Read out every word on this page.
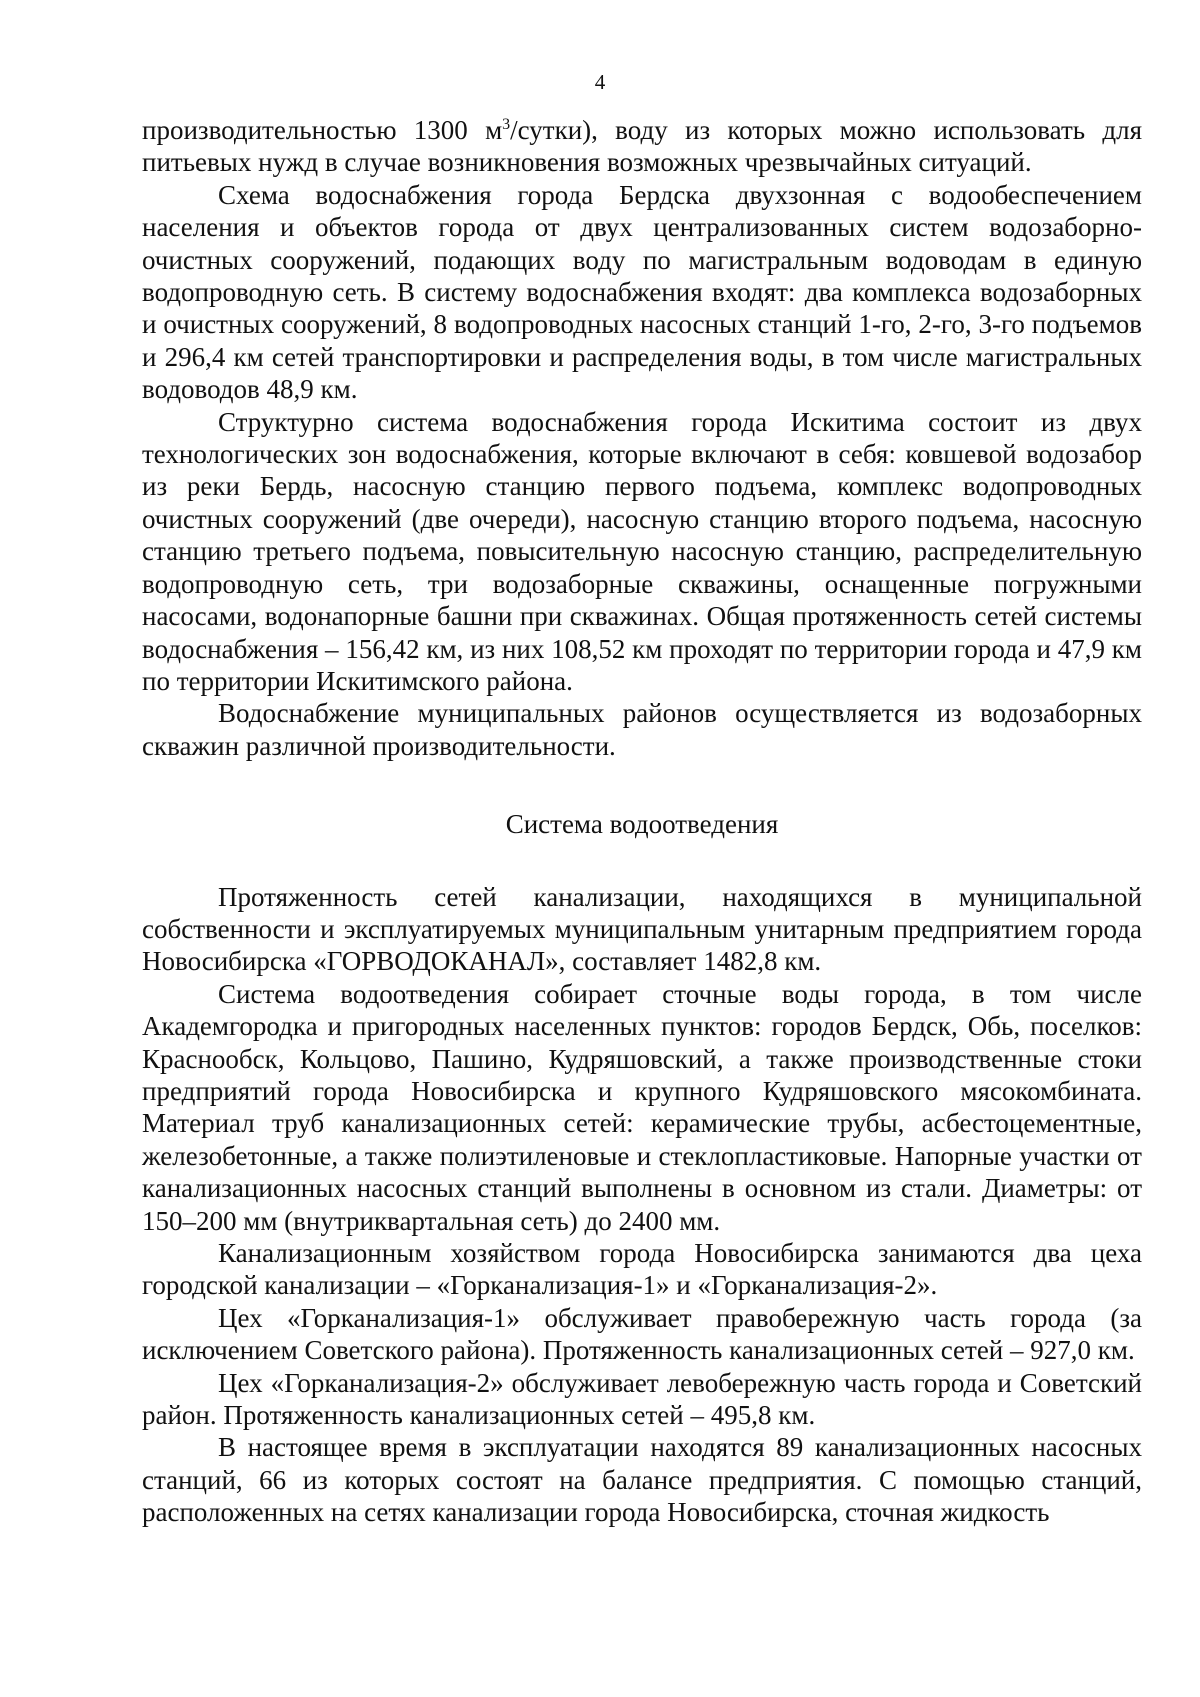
4

производительностью 1300 $м^3/сутки$), воду из которых можно использовать для питьевых нужд в случае возникновения возможных чрезвычайных ситуаций.

Схема водоснабжения города Бердска двухзонная с водообеспечением населения и объектов города от двух централизованных систем водозаборно-очистных сооружений, подающих воду по магистральным водоводам в единую водопроводную сеть. В систему водоснабжения входят: два комплекса водозаборных и очистных сооружений, 8 водопроводных насосных станций 1-го, 2-го, 3-го подъемов и 296,4 км сетей транспортировки и распределения воды, в том числе магистральных водоводов 48,9 км.

Структурно система водоснабжения города Искитима состоит из двух технологических зон водоснабжения, которые включают в себя: ковшевой водозабор из реки Бердь, насосную станцию первого подъема, комплекс водопроводных очистных сооружений (две очереди), насосную станцию второго подъема, насосную станцию третьего подъема, повысительную насосную станцию, распределительную водопроводную сеть, три водозаборные скважины, оснащенные погружными насосами, водонапорные башни при скважинах. Общая протяженность сетей системы водоснабжения – 156,42 км, из них 108,52 км проходят по территории города и 47,9 км по территории Искитимского района.

Водоснабжение муниципальных районов осуществляется из водозаборных скважин различной производительности.

Система водоотведения

Протяженность сетей канализации, находящихся в муниципальной собственности и эксплуатируемых муниципальным унитарным предприятием города Новосибирска «ГОРВОДОКАНАЛ», составляет 1482,8 км.

Система водоотведения собирает сточные воды города, в том числе Академгородка и пригородных населенных пунктов: городов Бердск, Обь, поселков: Краснообск, Кольцово, Пашино, Кудряшовский, а также производственные стоки предприятий города Новосибирска и крупного Кудряшовского мясокомбината. Материал труб канализационных сетей: керамические трубы, асбестоцементные, железобетонные, а также полиэтиленовые и стеклопластиковые. Напорные участки от канализационных насосных станций выполнены в основном из стали. Диаметры: от 150–200 мм (внутриквартальная сеть) до 2400 мм.

Канализационным хозяйством города Новосибирска занимаются два цеха городской канализации – «Горканализация-1» и «Горканализация-2».

Цех «Горканализация-1» обслуживает правобережную часть города (за исключением Советского района). Протяженность канализационных сетей – 927,0 км.

Цех «Горканализация-2» обслуживает левобережную часть города и Советский район. Протяженность канализационных сетей – 495,8 км.

В настоящее время в эксплуатации находятся 89 канализационных насосных станций, 66 из которых состоят на балансе предприятия. С помощью станций, расположенных на сетях канализации города Новосибирска, сточная жидкость
